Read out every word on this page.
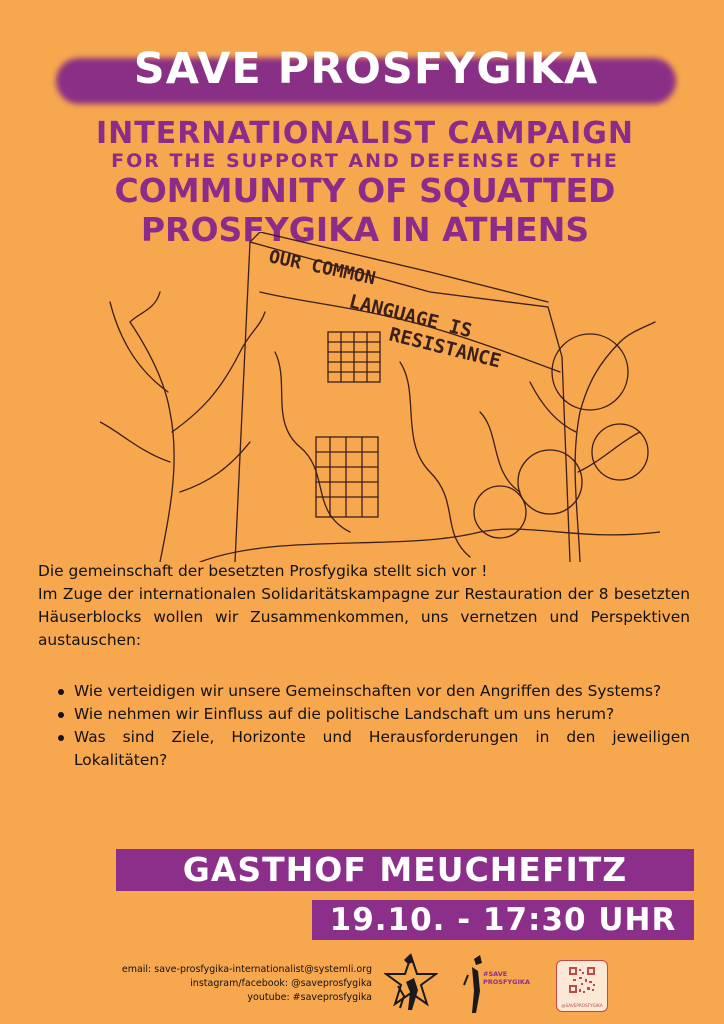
SAVE PROSFYGIKA
INTERNATIONALIST CAMPAIGN
FOR THE SUPPORT AND DEFENSE OF THE
COMMUNITY OF SQUATTED
PROSFYGIKA IN ATHENS
OUR COMMON
LANGUAGE IS
RESISTANCE

Die gemeinschaft der besetzten Prosfygika stellt sich vor !

Im Zuge der internationalen Solidaritätskampagne zur Restauration der 8 besetzten Häuserblocks wollen wir Zusammenkommen, uns vernetzen und Perspektiven austauschen:

Wie verteidigen wir unsere Gemeinschaften vor den Angriffen des Systems?
Wie nehmen wir Einfluss auf die politische Landschaft um uns herum?
Was sind Ziele, Horizonte und Herausforderungen in den jeweiligen Lokalitäten?
GASTHOF MEUCHEFITZ
19.10. - 17:30 UHR
email: save-prosfygika-internationalist@systemli.org
instagram/facebook: @saveprosfygika
youtube: #saveprosfygika
#SAVE
PROSFYGIKA
@SAVEPROSFYGIKA
